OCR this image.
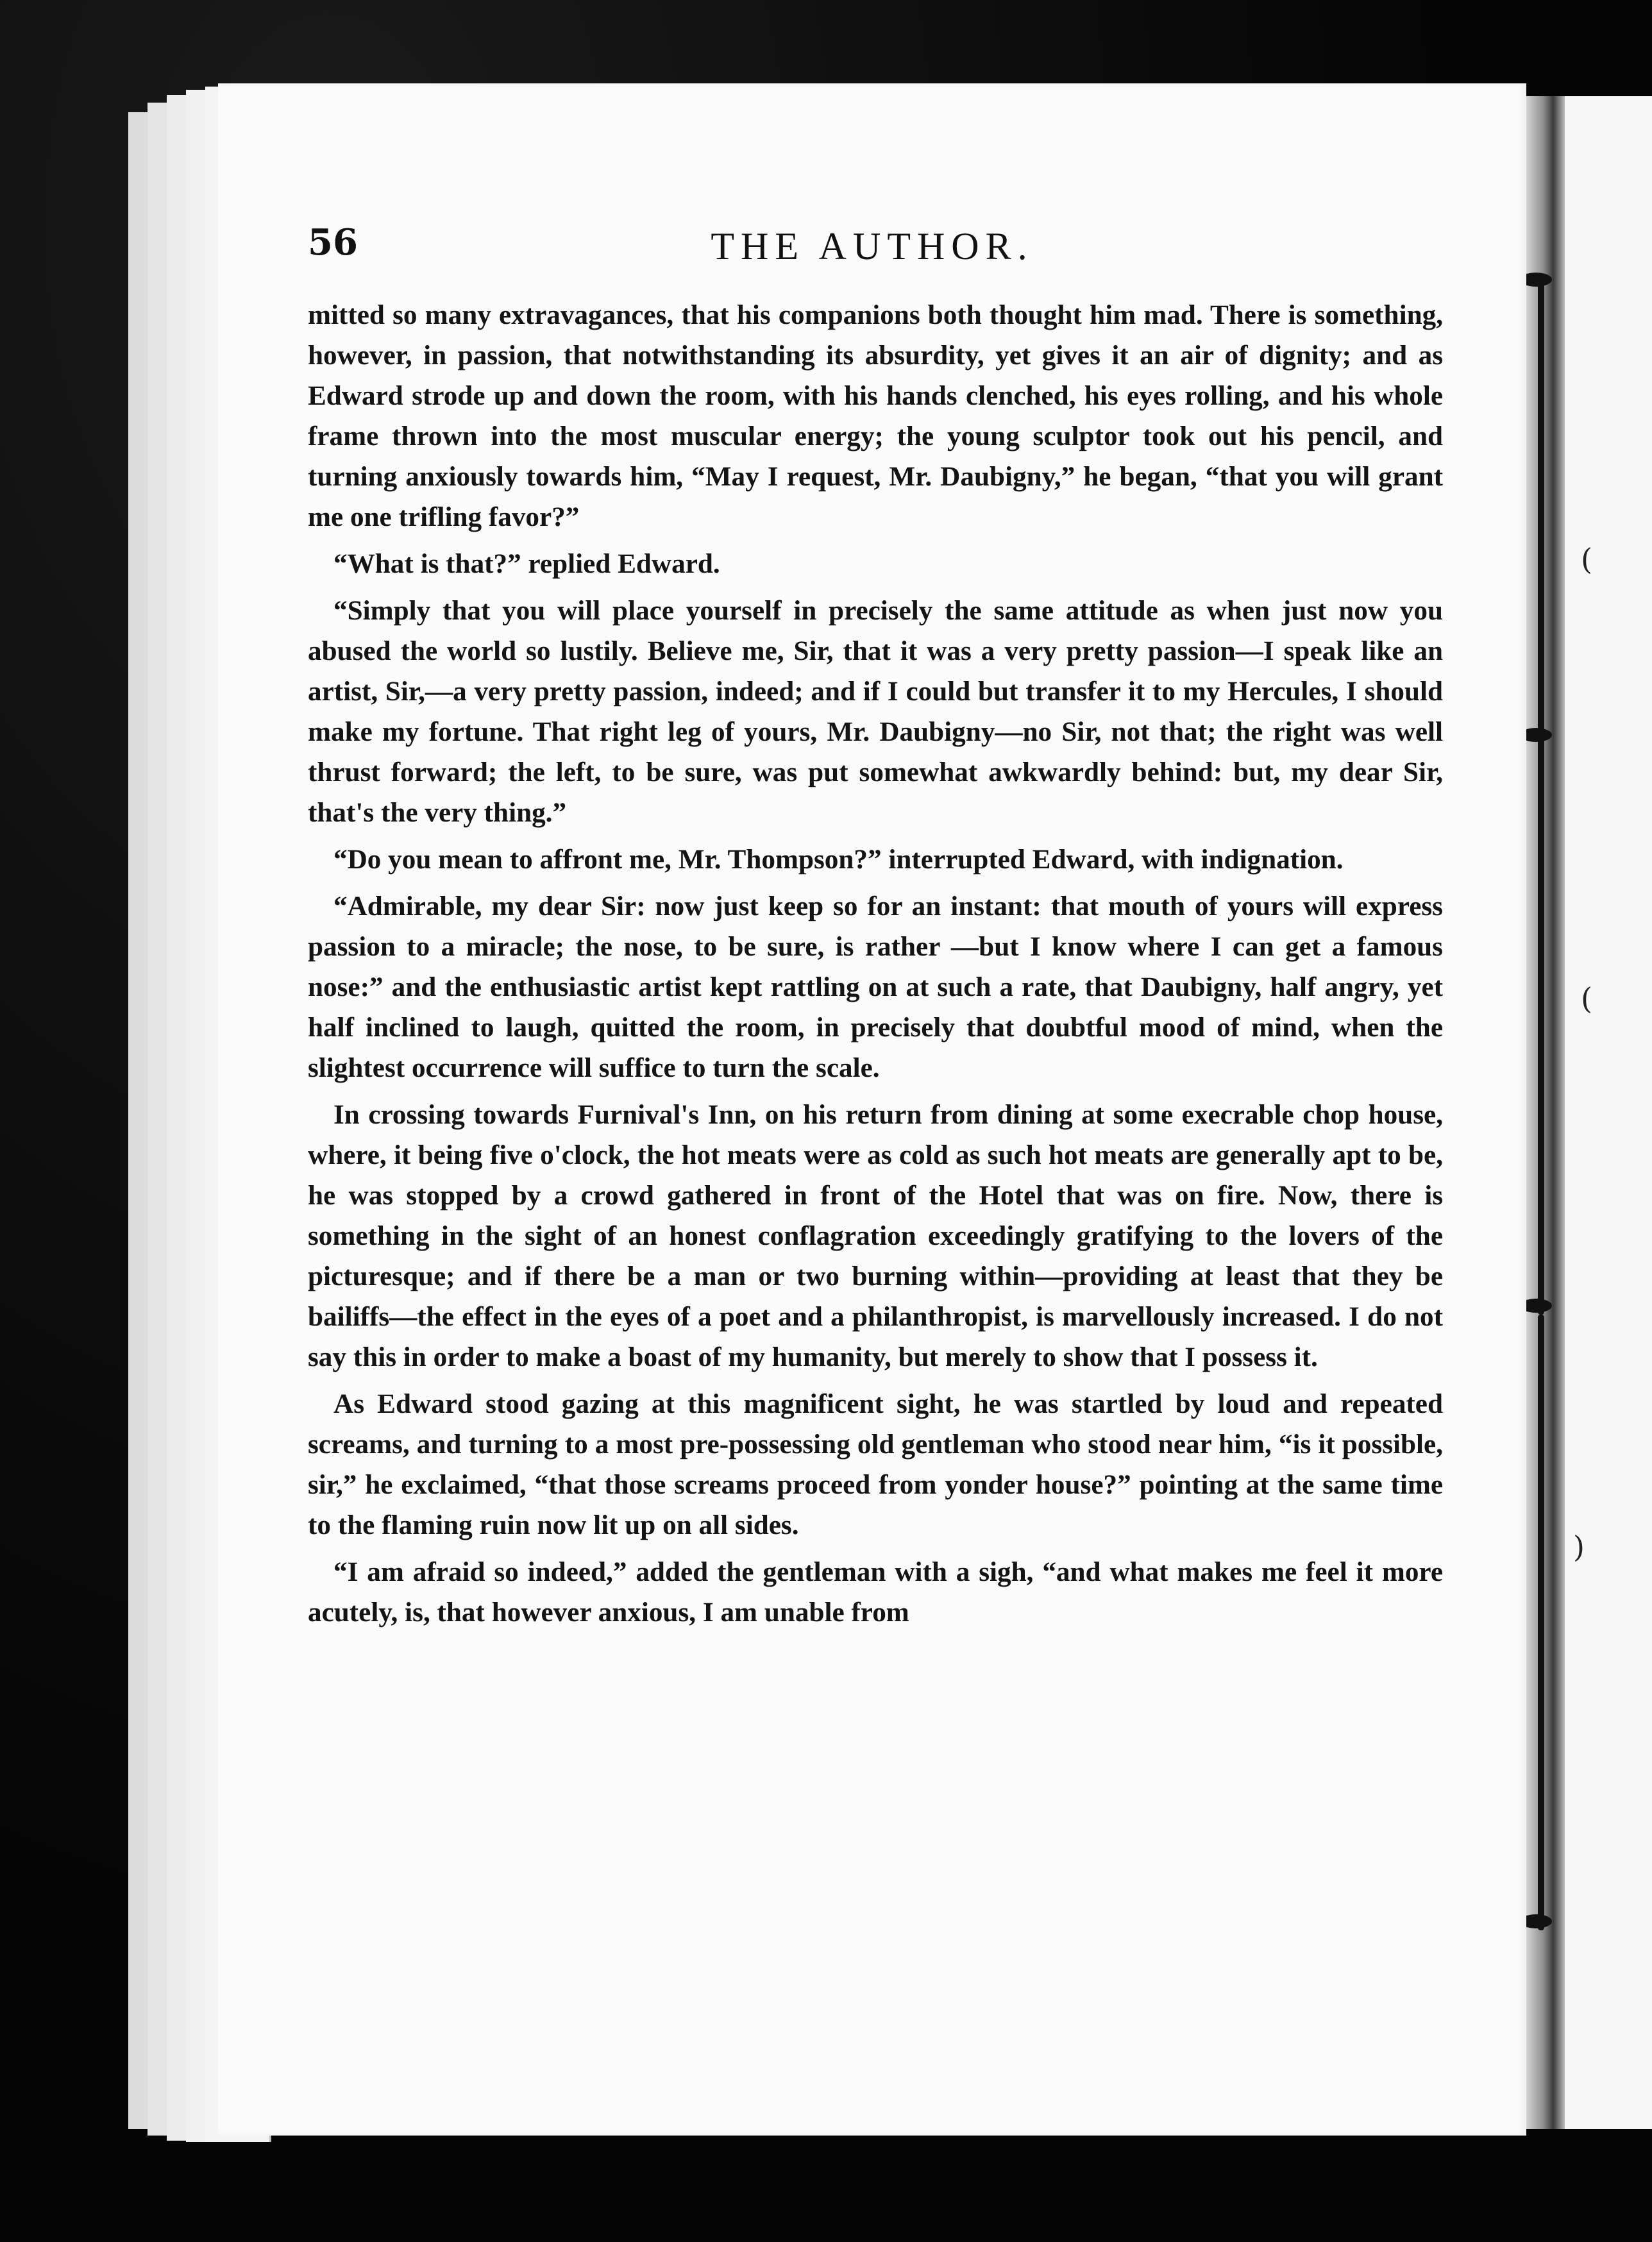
(
(
)
56	THE AUTHOR.

mitted so many extravagances, that his companions both thought him mad. There is something, however, in passion, that notwithstanding its absurdity, yet gives it an air of dignity; and as Edward strode up and down the room, with his hands clenched, his eyes rolling, and his whole frame thrown into the most muscular energy; the young sculptor took out his pencil, and turning anxiously towards him, “May I request, Mr. Daubigny,” he began, “that you will grant me one trifling favor?”

“What is that?” replied Edward.

“Simply that you will place yourself in precisely the same attitude as when just now you abused the world so lustily. Believe me, Sir, that it was a very pretty passion—I speak like an artist, Sir,—a very pretty passion, indeed; and if I could but transfer it to my Hercules, I should make my fortune. That right leg of yours, Mr. Daubigny—no Sir, not that; the right was well thrust forward; the left, to be sure, was put somewhat awkwardly behind: but, my dear Sir, that's the very thing.”

“Do you mean to affront me, Mr. Thompson?” interrupted Edward, with indignation.

“Admirable, my dear Sir: now just keep so for an instant: that mouth of yours will express passion to a miracle; the nose, to be sure, is rather —but I know where I can get a famous nose:” and the enthusiastic artist kept rattling on at such a rate, that Daubigny, half angry, yet half inclined to laugh, quitted the room, in precisely that doubtful mood of mind, when the slightest occurrence will suffice to turn the scale.

In crossing towards Furnival's Inn, on his return from dining at some execrable chop house, where, it being five o'clock, the hot meats were as cold as such hot meats are generally apt to be, he was stopped by a crowd gathered in front of the Hotel that was on fire. Now, there is something in the sight of an honest conflagration exceedingly gratifying to the lovers of the picturesque; and if there be a man or two burning within—providing at least that they be bailiffs—the effect in the eyes of a poet and a philanthropist, is marvellously increased. I do not say this in order to make a boast of my humanity, but merely to show that I possess it.

As Edward stood gazing at this magnificent sight, he was startled by loud and repeated screams, and turning to a most pre-possessing old gentleman who stood near him, “is it possible, sir,” he exclaimed, “that those screams proceed from yonder house?” pointing at the same time to the flaming ruin now lit up on all sides.

“I am afraid so indeed,” added the gentleman with a sigh, “and what makes me feel it more acutely, is, that however anxious, I am unable from
